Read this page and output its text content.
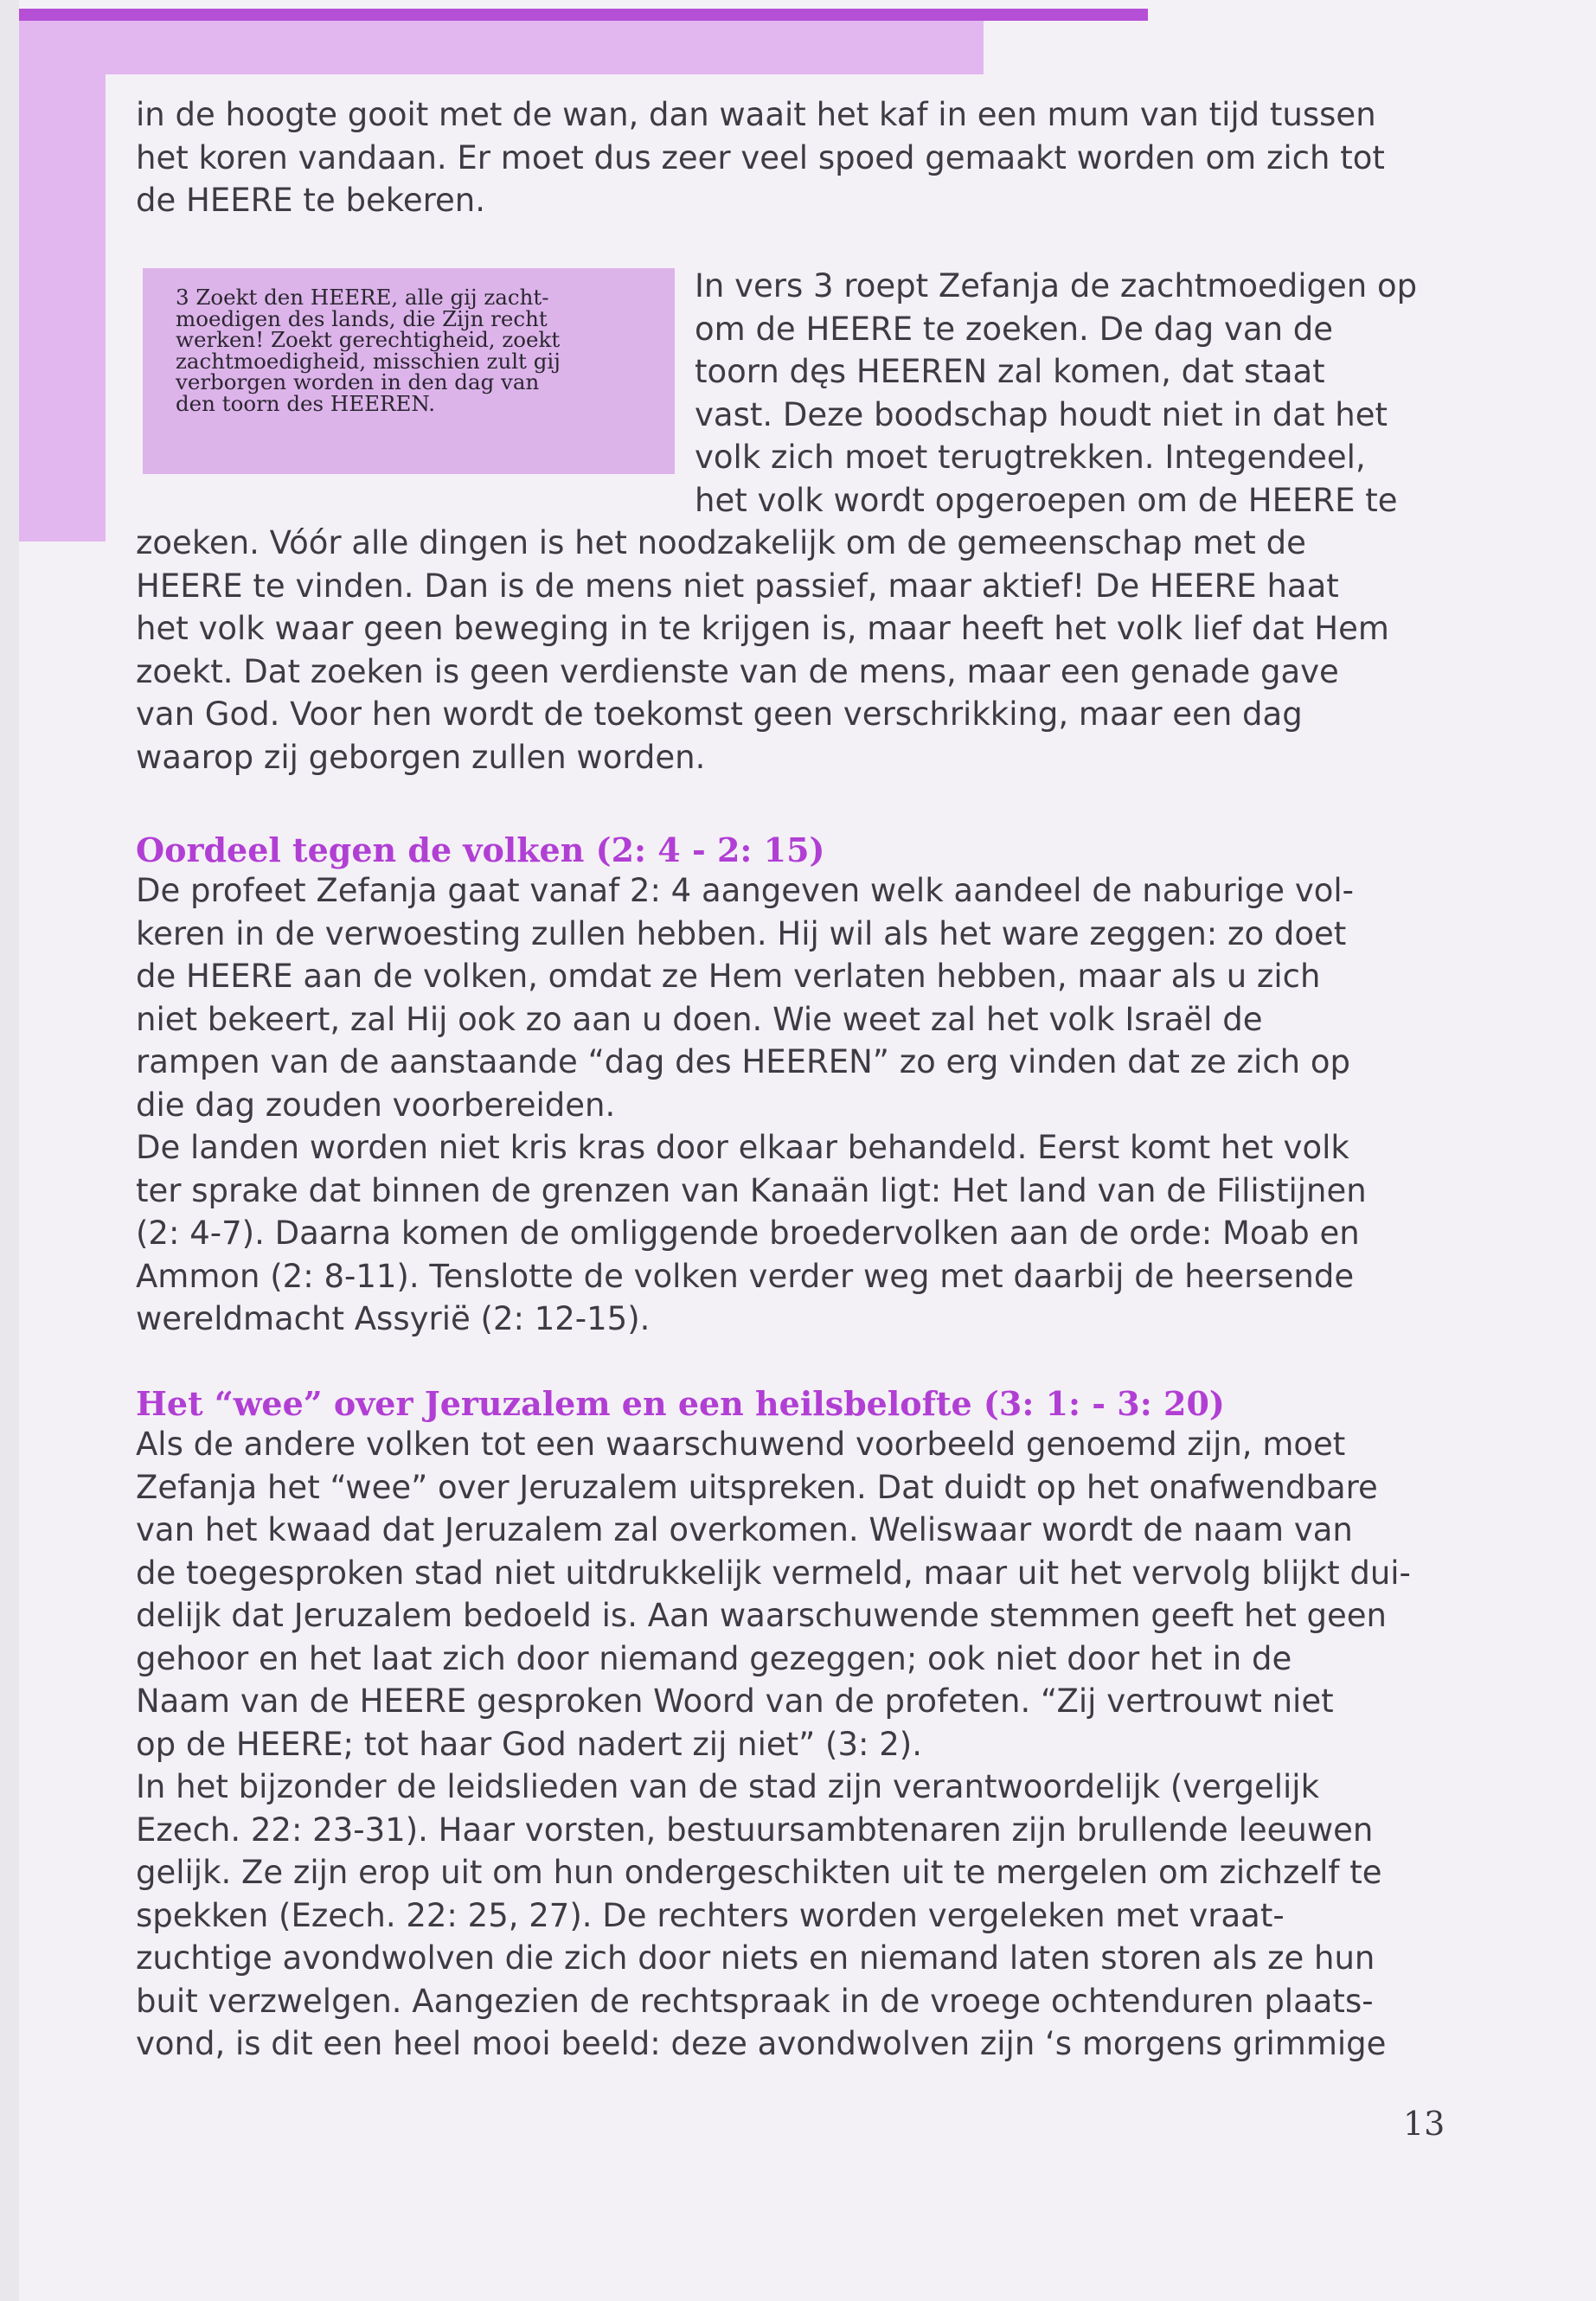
in de hoogte gooit met de wan, dan waait het kaf in een mum van tijd tussen
het koren vandaan. Er moet dus zeer veel spoed gemaakt worden om zich tot
de HEERE te bekeren.

3 Zoekt den HEERE, alle gij zacht-
moedigen des lands, die Zijn recht
werken! Zoekt gerechtigheid, zoekt
zachtmoedigheid, misschien zult gij
verborgen worden in den dag van
den toorn des HEEREN.

In vers 3 roept Zefanja de zachtmoedigen op
om de HEERE te zoeken. De dag van de
toorn dęs HEEREN zal komen, dat staat
vast. Deze boodschap houdt niet in dat het
volk zich moet terugtrekken. Integendeel,
het volk wordt opgeroepen om de HEERE te

zoeken. Vóór alle dingen is het noodzakelijk om de gemeenschap met de
HEERE te vinden. Dan is de mens niet passief, maar aktief! De HEERE haat
het volk waar geen beweging in te krijgen is, maar heeft het volk lief dat Hem
zoekt. Dat zoeken is geen verdienste van de mens, maar een genade gave
van God. Voor hen wordt de toekomst geen verschrikking, maar een dag
waarop zij geborgen zullen worden.

Oordeel tegen de volken (2: 4 - 2: 15)

De profeet Zefanja gaat vanaf 2: 4 aangeven welk aandeel de naburige vol-
keren in de verwoesting zullen hebben. Hij wil als het ware zeggen: zo doet
de HEERE aan de volken, omdat ze Hem verlaten hebben, maar als u zich
niet bekeert, zal Hij ook zo aan u doen. Wie weet zal het volk Israël de
rampen van de aanstaande “dag des HEEREN” zo erg vinden dat ze zich op
die dag zouden voorbereiden.
De landen worden niet kris kras door elkaar behandeld. Eerst komt het volk
ter sprake dat binnen de grenzen van Kanaän ligt: Het land van de Filistijnen
(2: 4-7). Daarna komen de omliggende broedervolken aan de orde: Moab en
Ammon (2: 8-11). Tenslotte de volken verder weg met daarbij de heersende
wereldmacht Assyrië (2: 12-15).

Het “wee” over Jeruzalem en een heilsbelofte (3: 1: - 3: 20)

Als de andere volken tot een waarschuwend voorbeeld genoemd zijn, moet
Zefanja het “wee” over Jeruzalem uitspreken. Dat duidt op het onafwendbare
van het kwaad dat Jeruzalem zal overkomen. Weliswaar wordt de naam van
de toegesproken stad niet uitdrukkelijk vermeld, maar uit het vervolg blijkt dui-
delijk dat Jeruzalem bedoeld is. Aan waarschuwende stemmen geeft het geen
gehoor en het laat zich door niemand gezeggen; ook niet door het in de
Naam van de HEERE gesproken Woord van de profeten. “Zij vertrouwt niet
op de HEERE; tot haar God nadert zij niet” (3: 2).
In het bijzonder de leidslieden van de stad zijn verantwoordelijk (vergelijk
Ezech. 22: 23-31). Haar vorsten, bestuursambtenaren zijn brullende leeuwen
gelijk. Ze zijn erop uit om hun ondergeschikten uit te mergelen om zichzelf te
spekken (Ezech. 22: 25, 27). De rechters worden vergeleken met vraat-
zuchtige avondwolven die zich door niets en niemand laten storen als ze hun
buit verzwelgen. Aangezien de rechtspraak in de vroege ochtenduren plaats-
vond, is dit een heel mooi beeld: deze avondwolven zijn ‘s morgens grimmige

13
